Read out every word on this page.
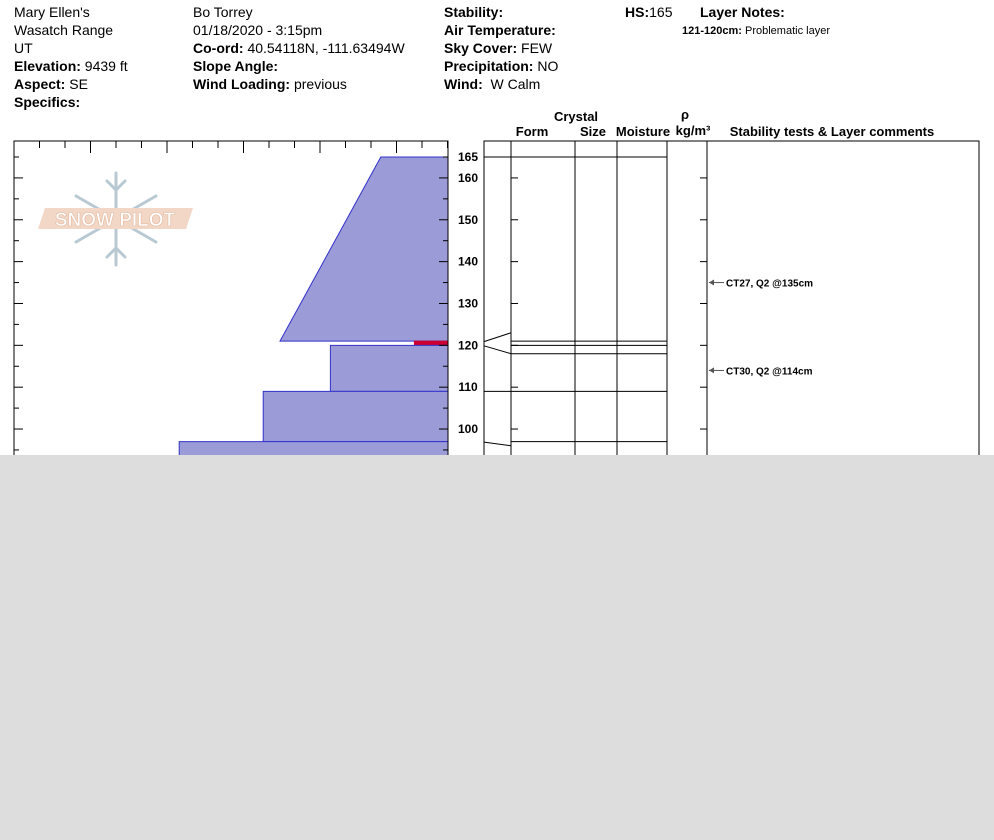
Mary Ellen's
Wasatch Range
UT
Elevation: 9439 ft
Aspect: SE
Specifics:
Bo Torrey
01/18/2020 - 3:15pm
Co-ord: 40.54118N, -111.63494W
Slope Angle:
Wind Loading: previous
Stability:
Air Temperature:
Sky Cover: FEW
Precipitation: NO
Wind: W Calm
HS:165 Layer Notes:
121-120cm: Problematic layer
Crystal
Form	Size Moisture
ρ
kg/m³	Stability tests & Layer comments
SNOW PILOT
100
110
120
130
140
150
160
165
CT27, Q2 @135cm
CT30, Q2 @114cm
